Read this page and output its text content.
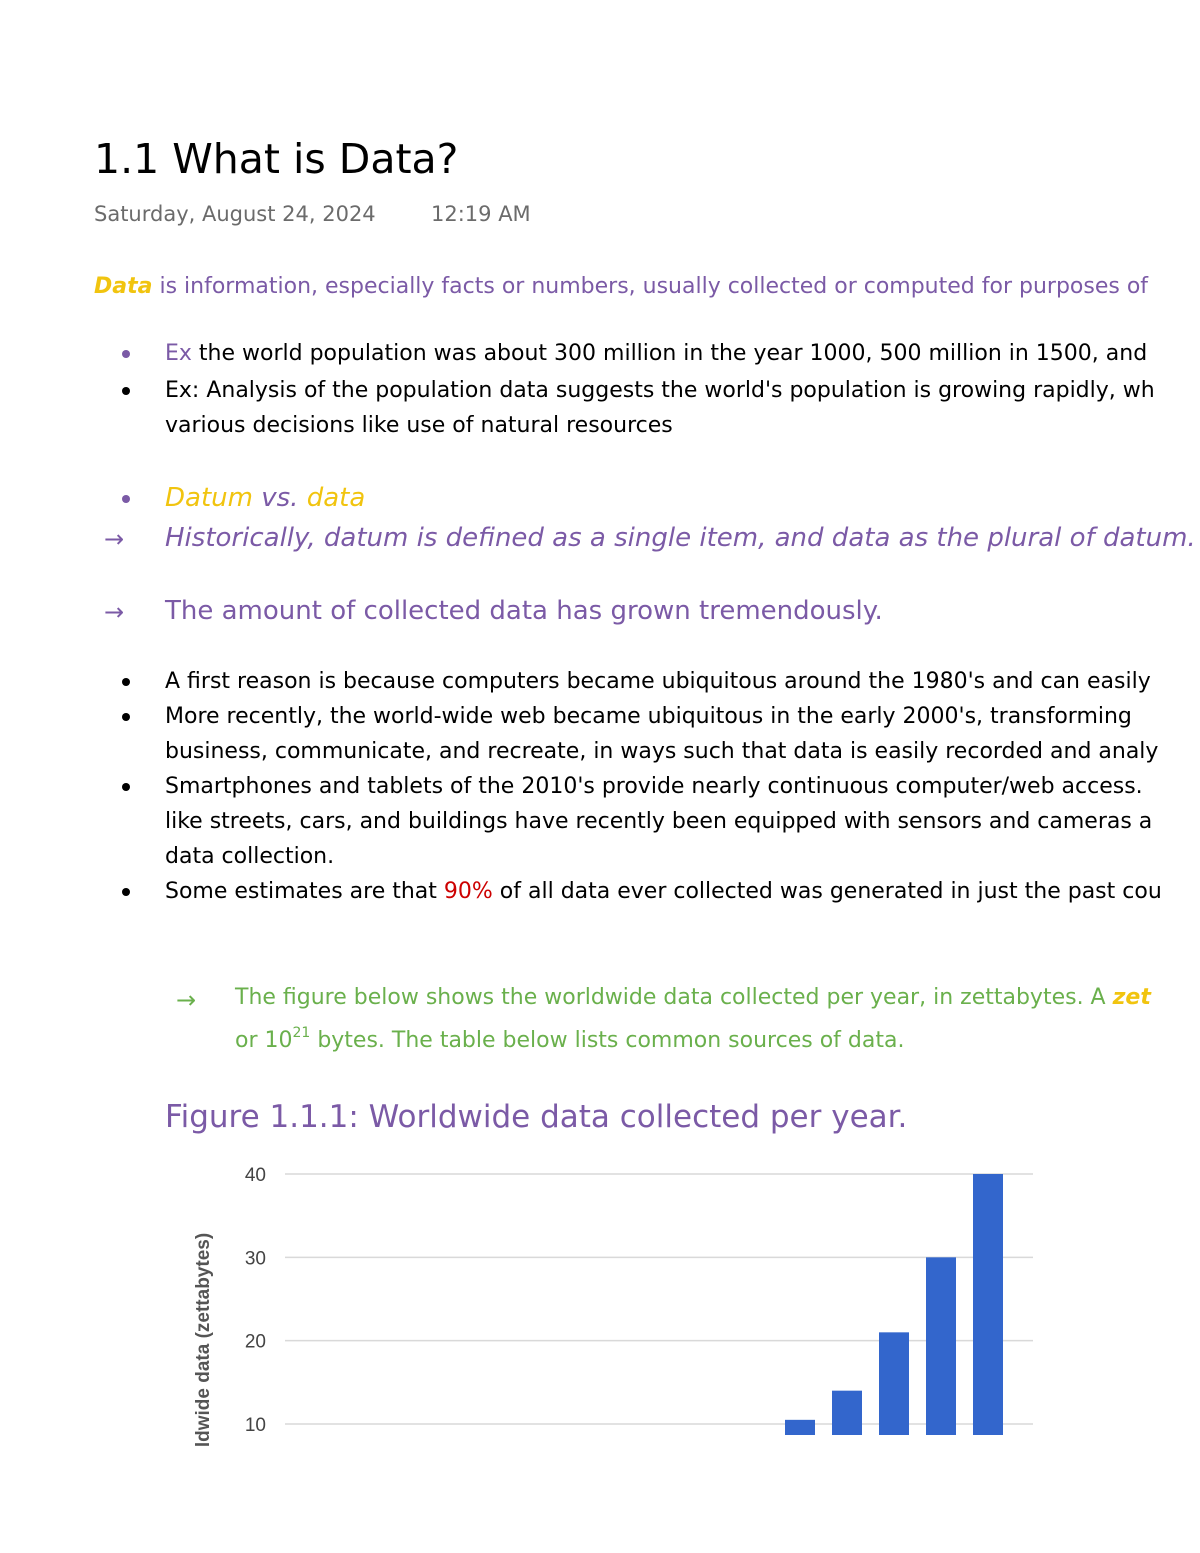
1.1 What is Data?
Saturday, August 24, 2024	12:19 AM
Data is information, especially facts or numbers, usually collected or computed for purposes of
Ex the world population was about 300 million in the year 1000, 500 million in 1500, and
Ex: Analysis of the population data suggests the world's population is growing rapidly, wh
various decisions like use of natural resources
Datum vs. data
→ Historically, datum is defined as a single item, and data as the plural of datum.
→ The amount of collected data has grown tremendously.
A first reason is because computers became ubiquitous around the 1980's and can easily
More recently, the world-wide web became ubiquitous in the early 2000's, transforming
business, communicate, and recreate, in ways such that data is easily recorded and analy
Smartphones and tablets of the 2010's provide nearly continuous computer/web access.
like streets, cars, and buildings have recently been equipped with sensors and cameras a
data collection.
Some estimates are that 90% of all data ever collected was generated in just the past cou
→ The figure below shows the worldwide data collected per year, in zettabytes. A zet
or $10^{21}$ bytes. The table below lists common sources of data.
Figure 1.1.1: Worldwide data collected per year.
10
20
30
40
ldwide data (zettabytes)
